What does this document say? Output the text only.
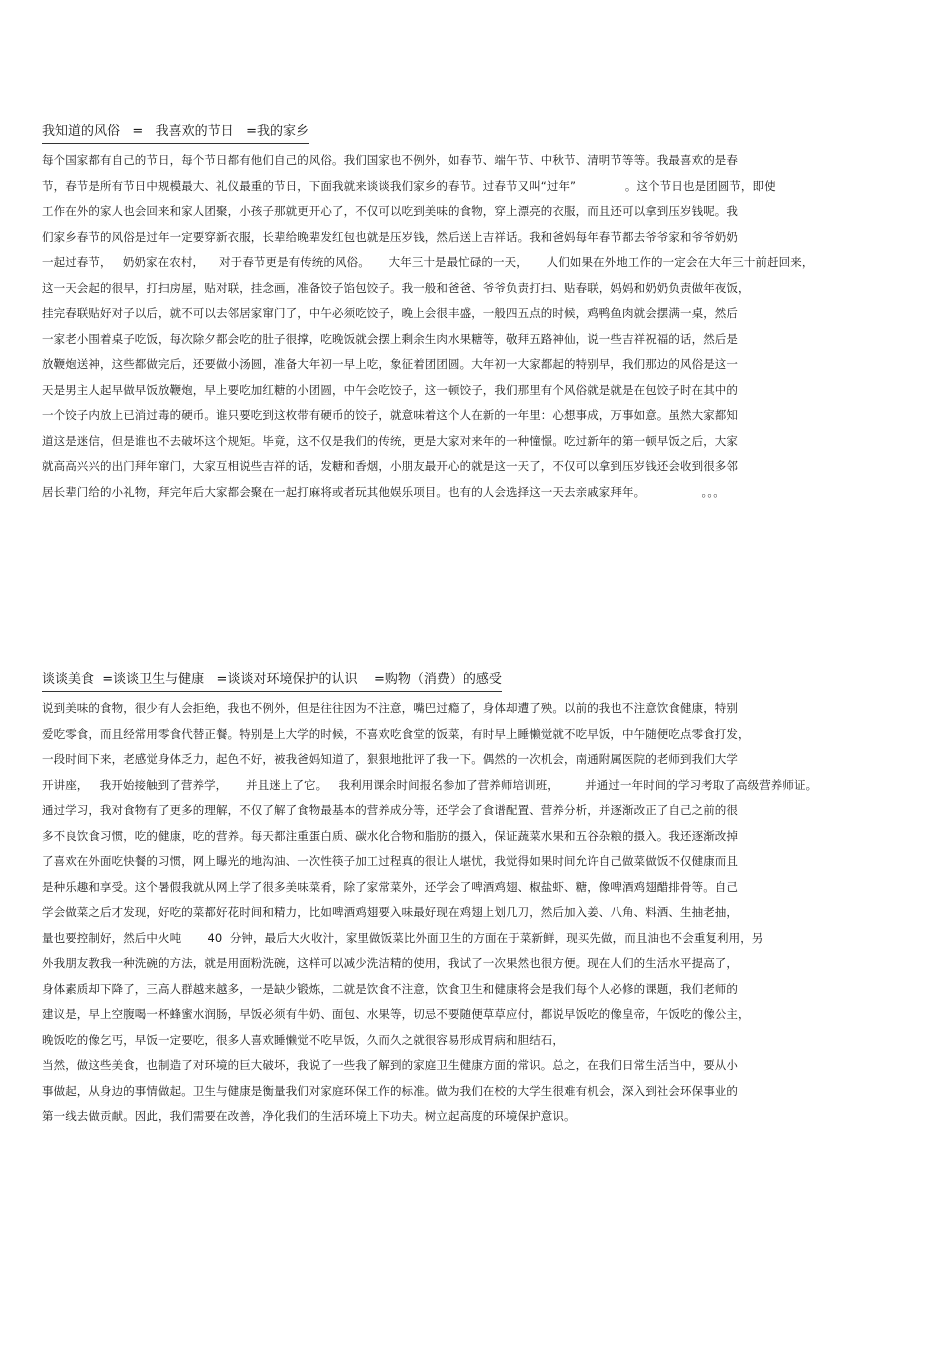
我知道的风俗   =   我喜欢的节日   =我的家乡
每个国家都有自己的节日，每个节日都有他们自己的风俗。我们国家也不例外，如春节、端午节、中秋节、清明节等等。我最喜欢的是春
节，春节是所有节日中规模最大、礼仪最重的节日，下面我就来谈谈我们家乡的春节。过春节又叫“过年”             。这个节日也是团圆节，即使
工作在外的家人也会回来和家人团聚，小孩子那就更开心了，不仅可以吃到美味的食物，穿上漂亮的衣服，而且还可以拿到压岁钱呢。我
们家乡春节的风俗是过年一定要穿新衣服，长辈给晚辈发红包也就是压岁钱，然后送上吉祥话。我和爸妈每年春节都去爷爷家和爷爷奶奶
一起过春节，   奶奶家在农村，    对于春节更是有传统的风俗。     大年三十是最忙碌的一天，     人们如果在外地工作的一定会在大年三十前赶回来，
这一天会起的很早，打扫房屋，贴对联，挂念画，准备饺子馅包饺子。我一般和爸爸、爷爷负责打扫、贴春联，妈妈和奶奶负责做年夜饭，
挂完春联贴好对子以后，就不可以去邻居家窜门了，中午必须吃饺子，晚上会很丰盛，一般四五点的时候，鸡鸭鱼肉就会摆满一桌，然后
一家老小围着桌子吃饭，每次除夕都会吃的肚子很撑，吃晚饭就会摆上剩余生肉水果糖等，敬拜五路神仙，说一些吉祥祝福的话，然后是
放鞭炮送神，这些都做完后，还要做小汤圆，准备大年初一早上吃，象征着团团圆。大年初一大家都起的特别早，我们那边的风俗是这一
天是男主人起早做早饭放鞭炮，早上要吃加红糖的小团圆，中午会吃饺子，这一顿饺子，我们那里有个风俗就是就是在包饺子时在其中的
一个饺子内放上已消过毒的硬币。谁只要吃到这枚带有硬币的饺子，就意味着这个人在新的一年里：心想事成，万事如意。虽然大家都知
道这是迷信，但是谁也不去破坏这个规矩。毕竟，这不仅是我们的传统，更是大家对来年的一种憧憬。吃过新年的第一顿早饭之后，大家
就高高兴兴的出门拜年窜门，大家互相说些吉祥的话，发糖和香烟，小朋友最开心的就是这一天了，不仅可以拿到压岁钱还会收到很多邻
居长辈门给的小礼物，拜完年后大家都会聚在一起打麻将或者玩其他娱乐项目。也有的人会选择这一天去亲戚家拜年。               。。。
谈谈美食  =谈谈卫生与健康   =谈谈对环境保护的认识    =购物（消费）的感受
说到美味的食物，很少有人会拒绝，我也不例外，但是往往因为不注意，嘴巴过瘾了，身体却遭了殃。以前的我也不注意饮食健康，特别
爱吃零食，而且经常用零食代替正餐。特别是上大学的时候，不喜欢吃食堂的饭菜，有时早上睡懒觉就不吃早饭，中午随便吃点零食打发，
一段时间下来，老感觉身体乏力，起色不好，被我爸妈知道了，狠狠地批评了我一下。偶然的一次机会，南通附属医院的老师到我们大学
开讲座，   我开始接触到了营养学，     并且迷上了它。   我利用课余时间报名参加了营养师培训班，       并通过一年时间的学习考取了高级营养师证。
通过学习，我对食物有了更多的理解，不仅了解了食物最基本的营养成分等，还学会了食谱配置、营养分析，并逐渐改正了自己之前的很
多不良饮食习惯，吃的健康，吃的营养。每天都注重蛋白质、碳水化合物和脂肪的摄入，保证蔬菜水果和五谷杂粮的摄入。我还逐渐改掉
了喜欢在外面吃快餐的习惯，网上曝光的地沟油、一次性筷子加工过程真的很让人堪忧，我觉得如果时间允许自己做菜做饭不仅健康而且
是种乐趣和享受。这个暑假我就从网上学了很多美味菜肴，除了家常菜外，还学会了啤酒鸡翅、椒盐虾、糖，像啤酒鸡翅醋排骨等。自己
学会做菜之后才发现，好吃的菜都好花时间和精力，比如啤酒鸡翅要入味最好现在鸡翅上划几刀，然后加入姜、八角、料酒、生抽老抽，
量也要控制好，然后中火吨       40  分钟，最后大火收汁，家里做饭菜比外面卫生的方面在于菜新鲜，现买先做，而且油也不会重复利用，另
外我朋友教我一种洗碗的方法，就是用面粉洗碗，这样可以减少洗洁精的使用，我试了一次果然也很方便。现在人们的生活水平提高了，
身体素质却下降了，三高人群越来越多，一是缺少锻炼，二就是饮食不注意，饮食卫生和健康将会是我们每个人必修的课题，我们老师的
建议是，早上空腹喝一杯蜂蜜水润肠，早饭必须有牛奶、面包、水果等，切忌不要随便草草应付，都说早饭吃的像皇帝，午饭吃的像公主，
晚饭吃的像乞丐，早饭一定要吃，很多人喜欢睡懒觉不吃早饭，久而久之就很容易形成胃病和胆结石，
当然，做这些美食，也制造了对环境的巨大破坏，我说了一些我了解到的家庭卫生健康方面的常识。总之，在我们日常生活当中，要从小
事做起，从身边的事情做起。卫生与健康是衡量我们对家庭环保工作的标准。做为我们在校的大学生很难有机会，深入到社会环保事业的
第一线去做贡献。因此，我们需要在改善，净化我们的生活环境上下功夫。树立起高度的环境保护意识。
